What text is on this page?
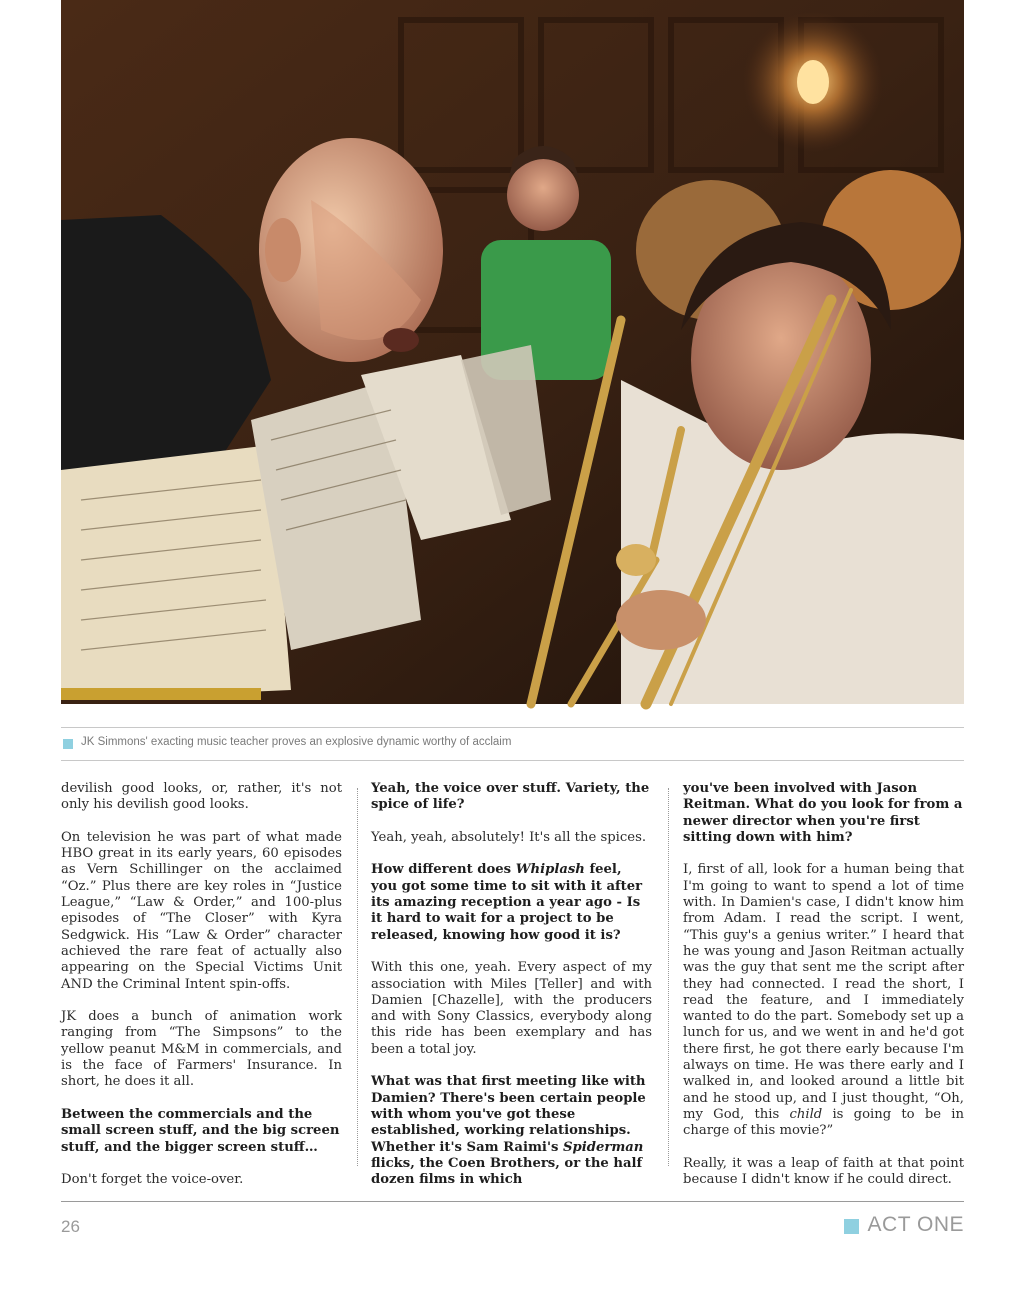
JK Simmons' exacting music teacher proves an explosive dynamic worthy of acclaim

devilish good looks, or, rather, it's not only his devilish good looks.

On television he was part of what made HBO great in its early years, 60 episodes as Vern Schillinger on the acclaimed “Oz.” Plus there are key roles in “Justice League,” “Law & Order,” and 100-plus episodes of “The Closer” with Kyra Sedgwick. His “Law & Order” character achieved the rare feat of actually also appearing on the Special Victims Unit AND the Criminal Intent spin-offs.

JK does a bunch of animation work ranging from “The Simpsons” to the yellow peanut M&M in commercials, and is the face of Farmers' Insurance. In short, he does it all.

Between the commercials and the small screen stuff, and the big screen stuff, and the bigger screen stuff…

Don't forget the voice-over.

Yeah, the voice over stuff. Variety, the spice of life?

Yeah, yeah, absolutely! It's all the spices.

How different does Whiplash feel, you got some time to sit with it after its amazing reception a year ago - Is it hard to wait for a project to be released, knowing how good it is?

With this one, yeah. Every aspect of my association with Miles [Teller] and with Damien [Chazelle], with the producers and with Sony Classics, everybody along this ride has been exemplary and has been a total joy.

What was that first meeting like with Damien? There's been certain people with whom you've got these established, working relationships. Whether it's Sam Raimi's Spiderman flicks, the Coen Brothers, or the half dozen films in which

you've been involved with Jason Reitman. What do you look for from a newer director when you're first sitting down with him?

I, first of all, look for a human being that I'm going to want to spend a lot of time with. In Damien's case, I didn't know him from Adam. I read the script. I went, “This guy's a genius writer.” I heard that he was young and Jason Reitman actually was the guy that sent me the script after they had connected. I read the short, I read the feature, and I immediately wanted to do the part. Somebody set up a lunch for us, and we went in and he'd got there first, he got there early because I'm always on time. He was there early and I walked in, and looked around a little bit and he stood up, and I just thought, “Oh, my God, this child is going to be in charge of this movie?”

Really, it was a leap of faith at that point because I didn't know if he could direct.

26	ACT ONE
